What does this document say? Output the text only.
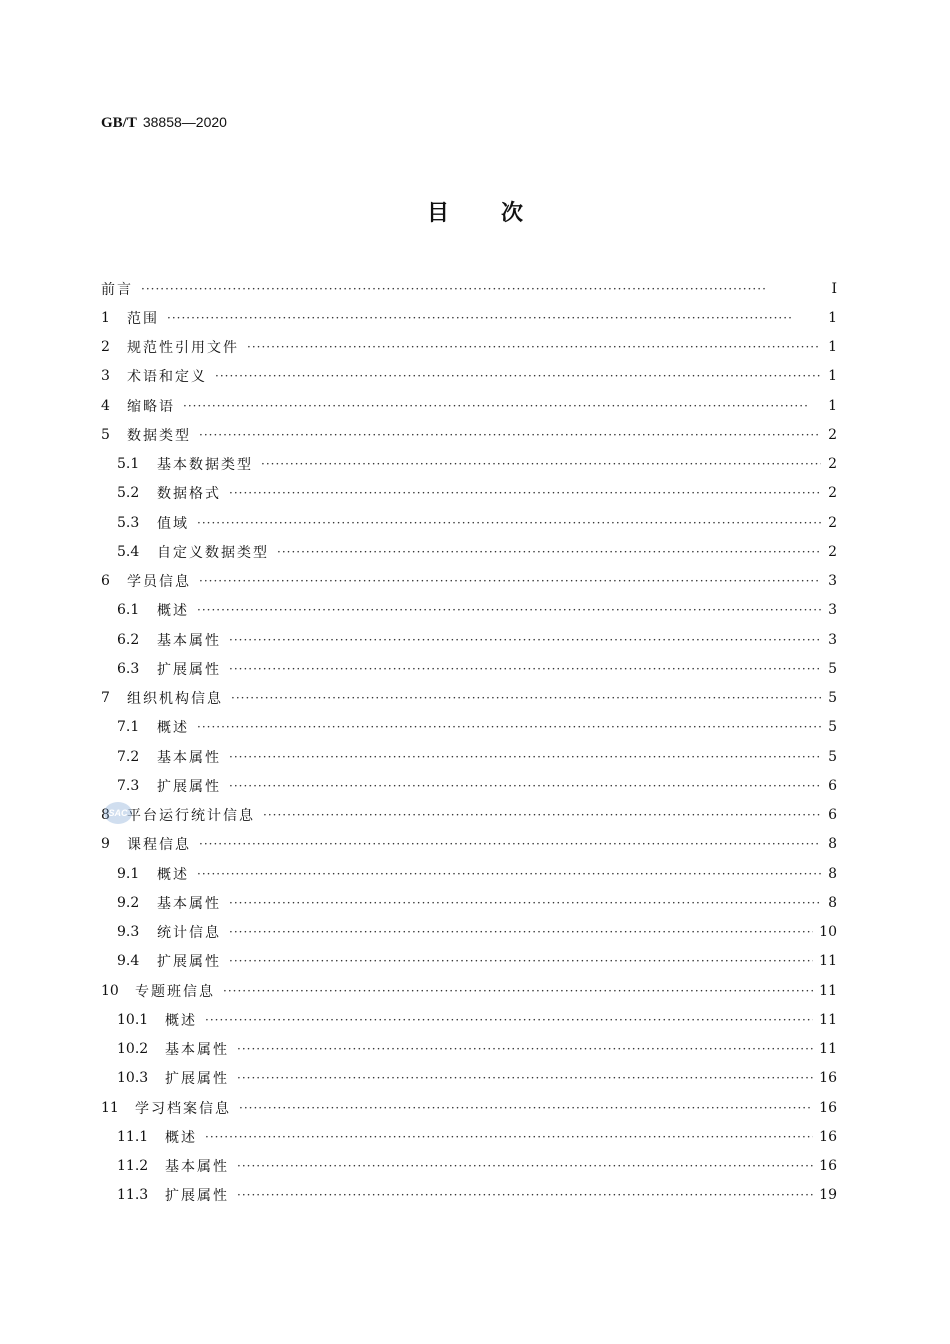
GB/T 38858—2020
目次
前言 ·····	Ⅰ
1	范围 ·····	1
2	规范性引用文件 ·····	1
3	术语和定义 ·····	1
4	缩略语 ·····	1
5	数据类型 ·····	2
5.1	基本数据类型 ·····	2
5.2	数据格式 ·····	2
5.3	值域 ·····	2
5.4	自定义数据类型 ·····	2
6	学员信息 ·····	3
6.1	概述 ·····	3
6.2	基本属性 ·····	3
6.3	扩展属性 ·····	5
7	组织机构信息 ·····	5
7.1	概述 ·····	5
7.2	基本属性 ·····	5
7.3	扩展属性 ·····	6
8	平台运行统计信息 ·····	6
9	课程信息 ·····	8
9.1	概述 ·····	8
9.2	基本属性 ·····	8
9.3	统计信息 ·····	10
9.4	扩展属性 ·····	11
10	专题班信息 ·····	11
10.1	概述 ·····	11
10.2	基本属性 ·····	11
10.3	扩展属性 ·····	16
11	学习档案信息 ·····	16
11.1	概述 ·····	16
11.2	基本属性 ·····	16
11.3	扩展属性 ·····	19
SAC
